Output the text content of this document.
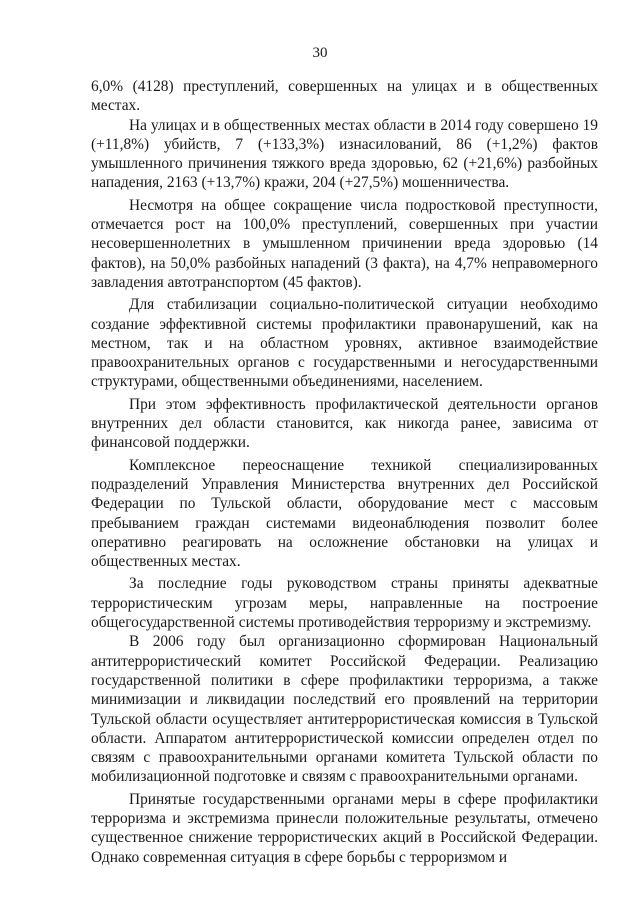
30

6,0% (4128) преступлений, совершенных на улицах и в общественных местах.

На улицах и в общественных местах области в 2014 году совершено 19 (+11,8%) убийств, 7 (+133,3%) изнасилований, 86 (+1,2%) фактов умышленного причинения тяжкого вреда здоровью, 62 (+21,6%) разбойных нападения, 2163 (+13,7%) кражи, 204 (+27,5%) мошенничества.

Несмотря на общее сокращение числа подростковой преступности, отмечается рост на 100,0% преступлений, совершенных при участии несовершеннолетних в умышленном причинении вреда здоровью (14 фактов), на 50,0% разбойных нападений (3 факта), на 4,7% неправомерного завладения автотранспортом (45 фактов).

Для стабилизации социально-политической ситуации необходимо создание эффективной системы профилактики правонарушений, как на местном, так и на областном уровнях, активное взаимодействие правоохранительных органов с государственными и негосударственными структурами, общественными объединениями, населением.

При этом эффективность профилактической деятельности органов внутренних дел области становится, как никогда ранее, зависима от финансовой поддержки.

Комплексное переоснащение техникой специализированных подразделений Управления Министерства внутренних дел Российской Федерации по Тульской области, оборудование мест с массовым пребыванием граждан системами видеонаблюдения позволит более оперативно реагировать на осложнение обстановки на улицах и общественных местах.

За последние годы руководством страны приняты адекватные террористическим угрозам меры, направленные на построение общегосударственной системы противодействия терроризму и экстремизму.

В 2006 году был организационно сформирован Национальный антитеррористический комитет Российской Федерации. Реализацию государственной политики в сфере профилактики терроризма, а также минимизации и ликвидации последствий его проявлений на территории Тульской области осуществляет антитеррористическая комиссия в Тульской области. Аппаратом антитеррористической комиссии определен отдел по связям с правоохранительными органами комитета Тульской области по мобилизационной подготовке и связям с правоохранительными органами.

Принятые государственными органами меры в сфере профилактики терроризма и экстремизма принесли положительные результаты, отмечено существенное снижение террористических акций в Российской Федерации. Однако современная ситуация в сфере борьбы с терроризмом и
